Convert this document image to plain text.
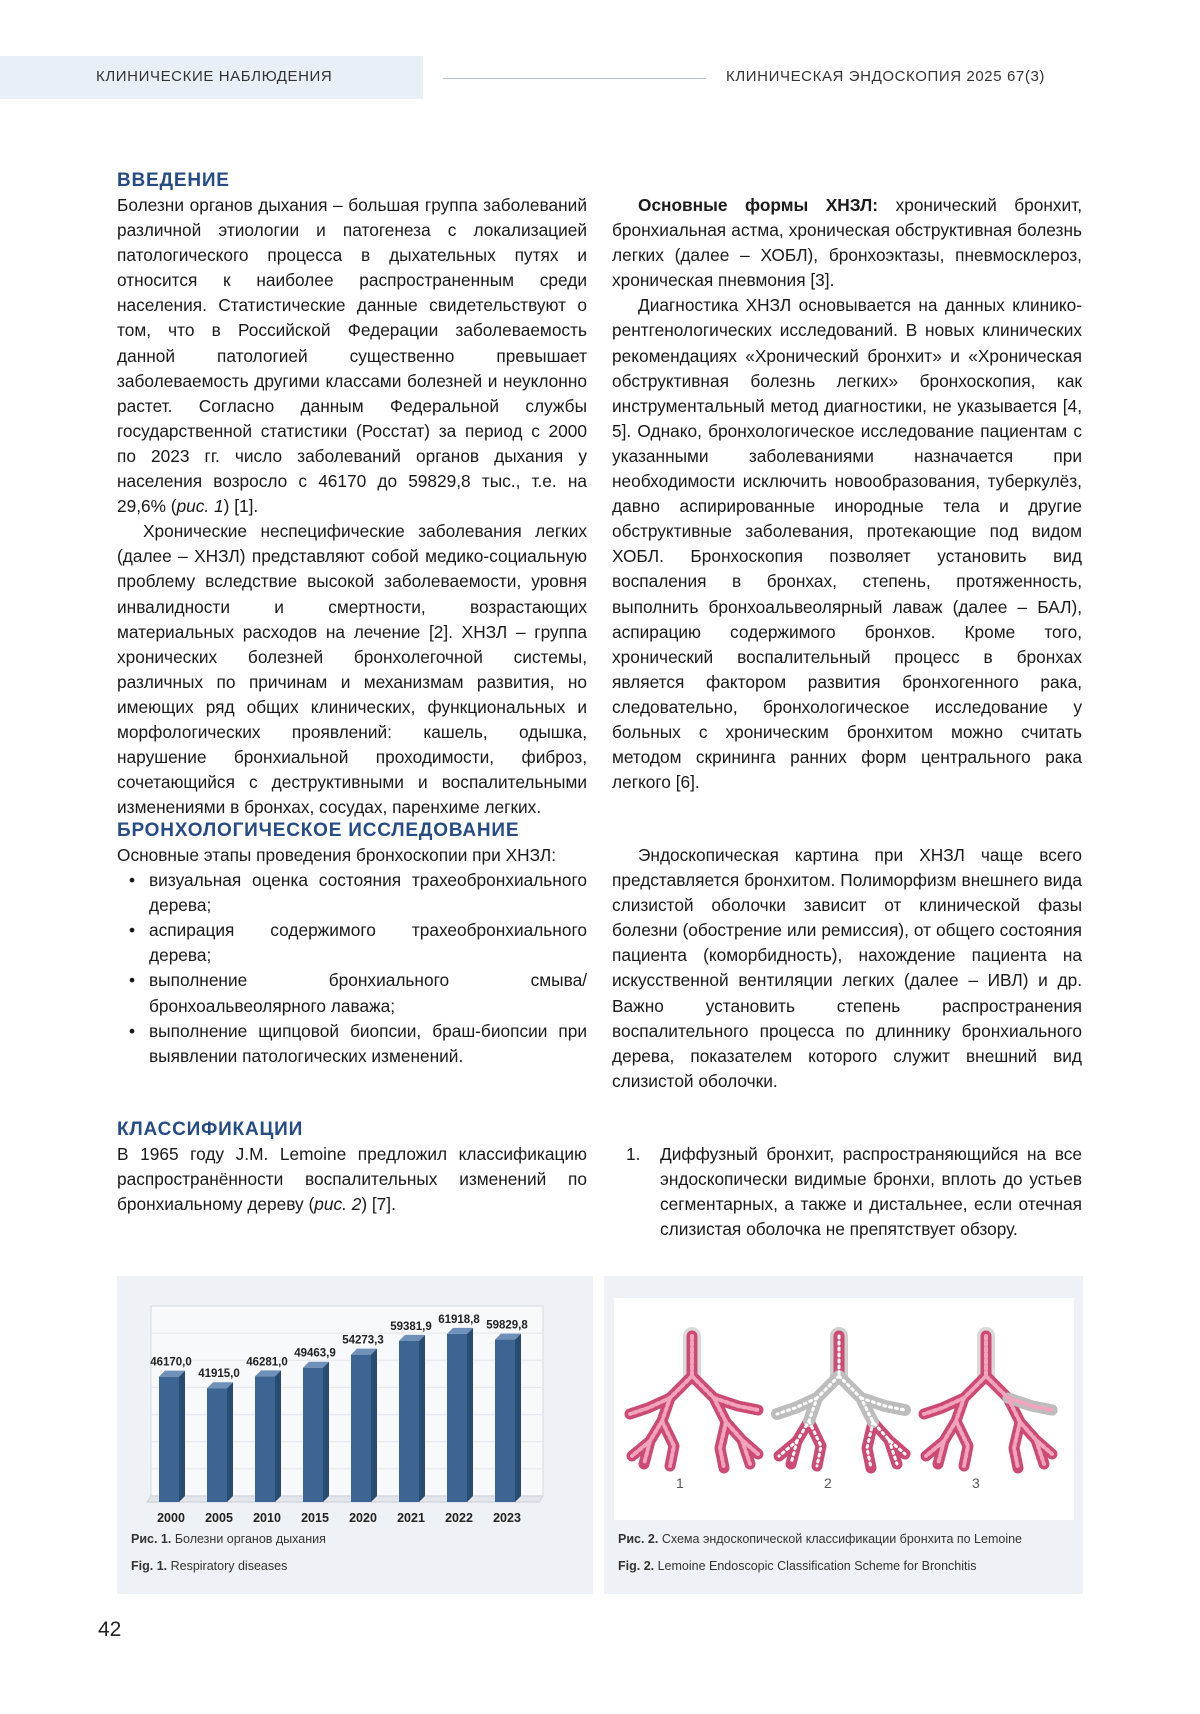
КЛИНИЧЕСКИЕ НАБЛЮДЕНИЯ	КЛИНИЧЕСКАЯ ЭНДОСКОПИЯ 2025 67(3)

ВВЕДЕНИЕ

Болезни органов дыхания – большая группа заболеваний различной этиологии и патогенеза с локализацией патологического процесса в дыхательных путях и относится к наиболее распространенным среди населения. Статистические данные свидетельствуют о том, что в Российской Федерации заболеваемость данной патологией существенно превышает заболеваемость другими классами болезней и неуклонно растет. Согласно данным Федеральной службы государственной статистики (Росстат) за период с 2000 по 2023 гг. число заболеваний органов дыхания у населения возросло с 46170 до 59829,8 тыс., т.е. на 29,6% (рис. 1) [1].

Хронические неспецифические заболевания легких (далее – ХНЗЛ) представляют собой медико-социальную проблему вследствие высокой заболеваемости, уровня инвалидности и смертности, возрастающих материальных расходов на лечение [2]. ХНЗЛ – группа хронических болезней бронхолегочной системы, различных по причинам и механизмам развития, но имеющих ряд общих клинических, функциональных и морфологических проявлений: кашель, одышка, нарушение бронхиальной проходимости, фиброз, сочетающийся с деструктивными и воспалительными изменениями в бронхах, сосудах, паренхиме легких.

Основные формы ХНЗЛ: хронический бронхит, бронхиальная астма, хроническая обструктивная болезнь легких (далее – ХОБЛ), бронхоэктазы, пневмосклероз, хроническая пневмония [3].

Диагностика ХНЗЛ основывается на данных клинико-рентгенологических исследований. В новых клинических рекомендациях «Хронический бронхит» и «Хроническая обструктивная болезнь легких» бронхоскопия, как инструментальный метод диагностики, не указывается [4, 5]. Однако, бронхологическое исследование пациентам с указанными заболеваниями назначается при необходимости исключить новообразования, туберкулёз, давно аспирированные инородные тела и другие обструктивные заболевания, протекающие под видом ХОБЛ. Бронхоскопия позволяет установить вид воспаления в бронхах, степень, протяженность, выполнить бронхоальвеолярный лаваж (далее – БАЛ), аспирацию содержимого бронхов. Кроме того, хронический воспалительный процесс в бронхах является фактором развития бронхогенного рака, следовательно, бронхологическое исследование у больных с хроническим бронхитом можно считать методом скрининга ранних форм центрального рака легкого [6].

БРОНХОЛОГИЧЕСКОЕ ИССЛЕДОВАНИЕ

Основные этапы проведения бронхоскопии при ХНЗЛ:

• визуальная оценка состояния трахеобронхиального дерева;
• аспирация содержимого трахеобронхиального дерева;
• выполнение бронхиального смыва/бронхоальвеолярного лаважа;
• выполнение щипцовой биопсии, браш-биопсии при выявлении патологических изменений.

Эндоскопическая картина при ХНЗЛ чаще всего представляется бронхитом. Полиморфизм внешнего вида слизистой оболочки зависит от клинической фазы болезни (обострение или ремиссия), от общего состояния пациента (коморбидность), нахождение пациента на искусственной вентиляции легких (далее – ИВЛ) и др. Важно установить степень распространения воспалительного процесса по длиннику бронхиального дерева, показателем которого служит внешний вид слизистой оболочки.

КЛАССИФИКАЦИИ

В 1965 году J.M. Lemoine предложил классификацию распространённости воспалительных изменений по бронхиальному дереву (рис. 2) [7].

1. Диффузный бронхит, распространяющийся на все эндоскопически видимые бронхи, вплоть до устьев сегментарных, а также и дистальнее, если отечная слизистая оболочка не препятствует обзору.

46170,0
2000
41915,0
2005
46281,0
2010
49463,9
2015
54273,3
2020
59381,9
2021
61918,8
2022
59829,8
2023
Рис. 1. Болезни органов дыхания
Fig. 1. Respiratory diseases
1	2	3
Рис. 2. Схема эндоскопической классификации бронхита по Lemoine
Fig. 2. Lemoine Endoscopic Classification Scheme for Bronchitis
42
